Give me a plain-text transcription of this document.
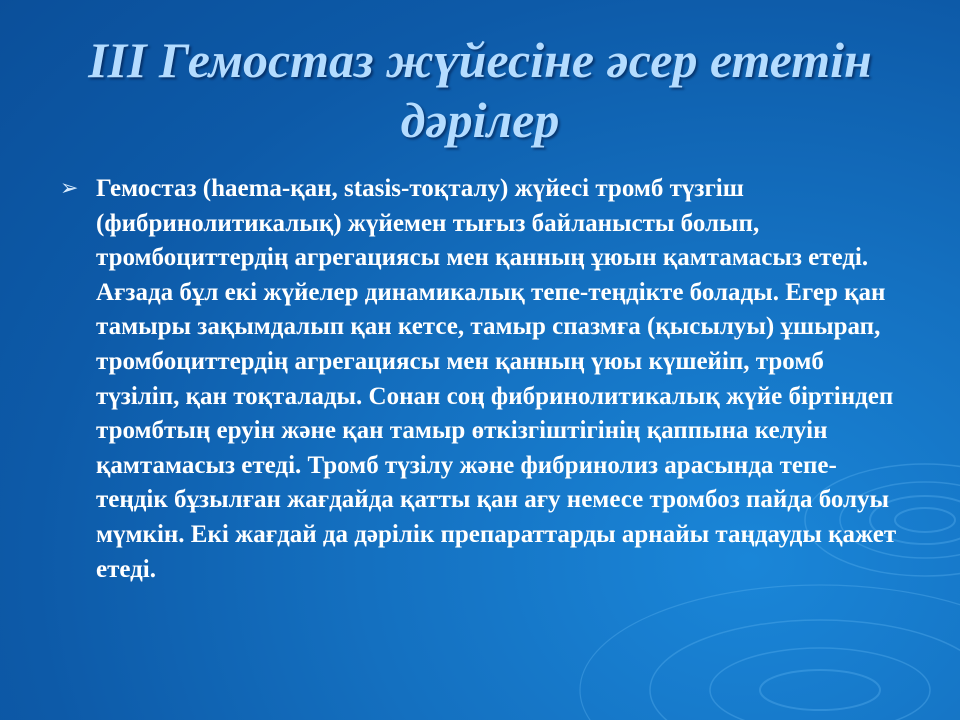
III Гемостаз жүйесіне әсер ететін дәрілер
➢ Гемостаз (haema-қан, stasis-тоқталу) жүйесі тромб түзгіш (фибринолитикалық) жүйемен тығыз байланысты болып, тромбоциттердің агрегациясы мен қанның ұюын қамтамасыз етеді. Ағзада бұл екі жүйелер динамикалық тепе-теңдікте болады. Егер қан тамыры зақымдалып қан кетсе, тамыр спазмға (қысылуы) ұшырап, тромбоциттердің агрегациясы мен қанның үюы күшейіп, тромб түзіліп, қан тоқталады. Сонан соң фибринолитикалық жүйе біртіндеп тромбтың еруін және қан тамыр өткізгіштігінің қаппына келуін қамтамасыз етеді. Тромб түзілу және фибринолиз арасында тепе-теңдік бұзылған жағдайда қатты қан ағу немесе тромбоз пайда болуы мүмкін. Екі жағдай да дәрілік препараттарды арнайы таңдауды қажет етеді.
